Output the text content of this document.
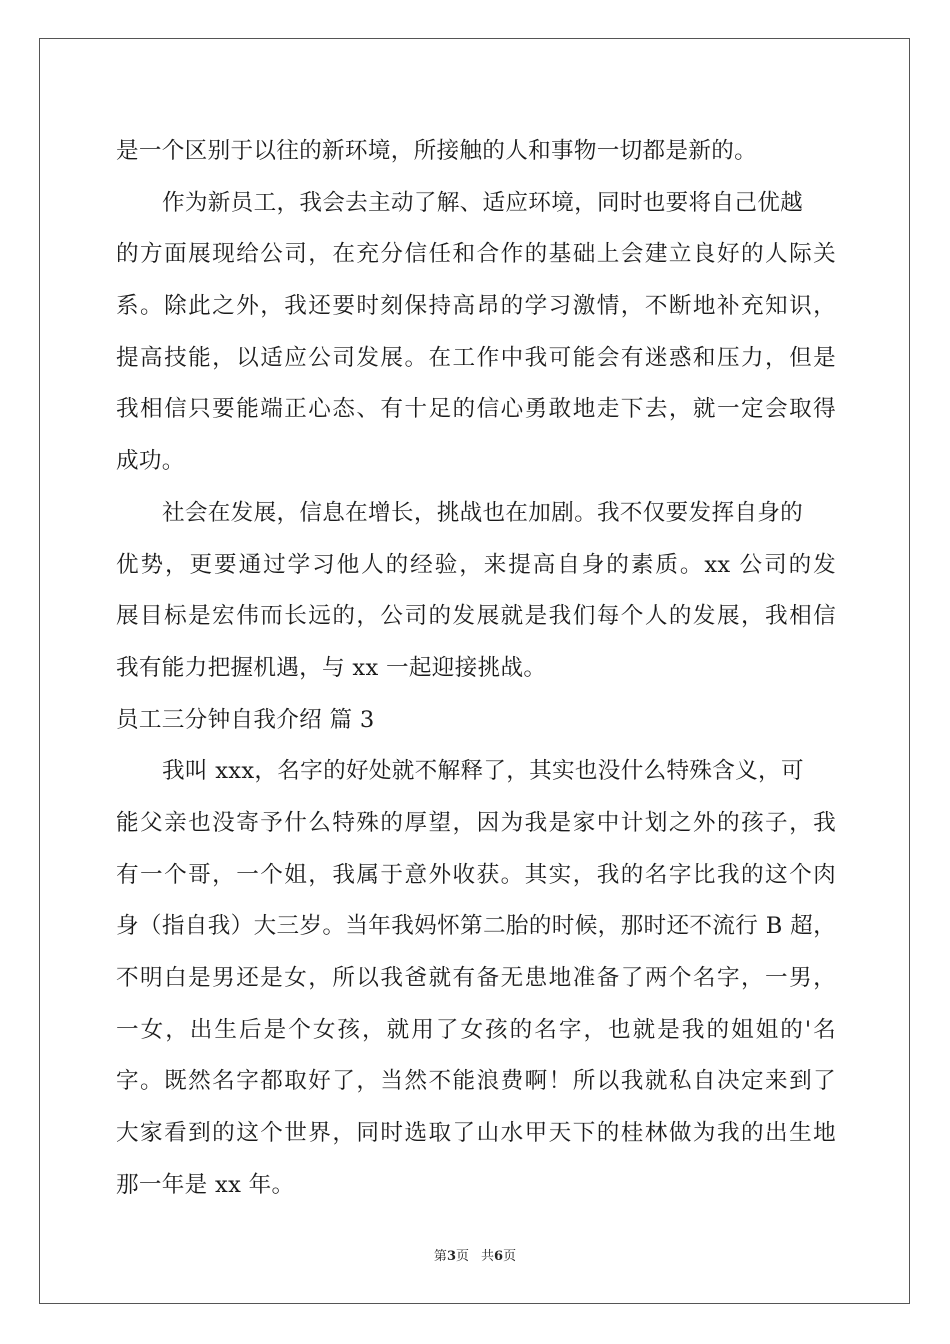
是一个区别于以往的新环境，所接触的人和事物一切都是新的。
作为新员工，我会去主动了解、适应环境，同时也要将自己优越
的方面展现给公司，在充分信任和合作的基础上会建立良好的人际关
系。除此之外，我还要时刻保持高昂的学习激情，不断地补充知识，
提高技能，以适应公司发展。在工作中我可能会有迷惑和压力，但是
我相信只要能端正心态、有十足的信心勇敢地走下去，就一定会取得
成功。
社会在发展，信息在增长，挑战也在加剧。我不仅要发挥自身的
优势，更要通过学习他人的经验，来提高自身的素质。xx 公司的发
展目标是宏伟而长远的，公司的发展就是我们每个人的发展，我相信
我有能力把握机遇，与 xx 一起迎接挑战。
员工三分钟自我介绍 篇 3
我叫 xxx，名字的好处就不解释了，其实也没什么特殊含义，可
能父亲也没寄予什么特殊的厚望，因为我是家中计划之外的孩子，我
有一个哥，一个姐，我属于意外收获。其实，我的名字比我的这个肉
身（指自我）大三岁。当年我妈怀第二胎的时候，那时还不流行 B 超，
不明白是男还是女，所以我爸就有备无患地准备了两个名字，一男，
一女，出生后是个女孩，就用了女孩的名字，也就是我的姐姐的'名
字。既然名字都取好了，当然不能浪费啊！所以我就私自决定来到了
大家看到的这个世界，同时选取了山水甲天下的桂林做为我的出生地
那一年是 xx 年。
第3页 共6页
